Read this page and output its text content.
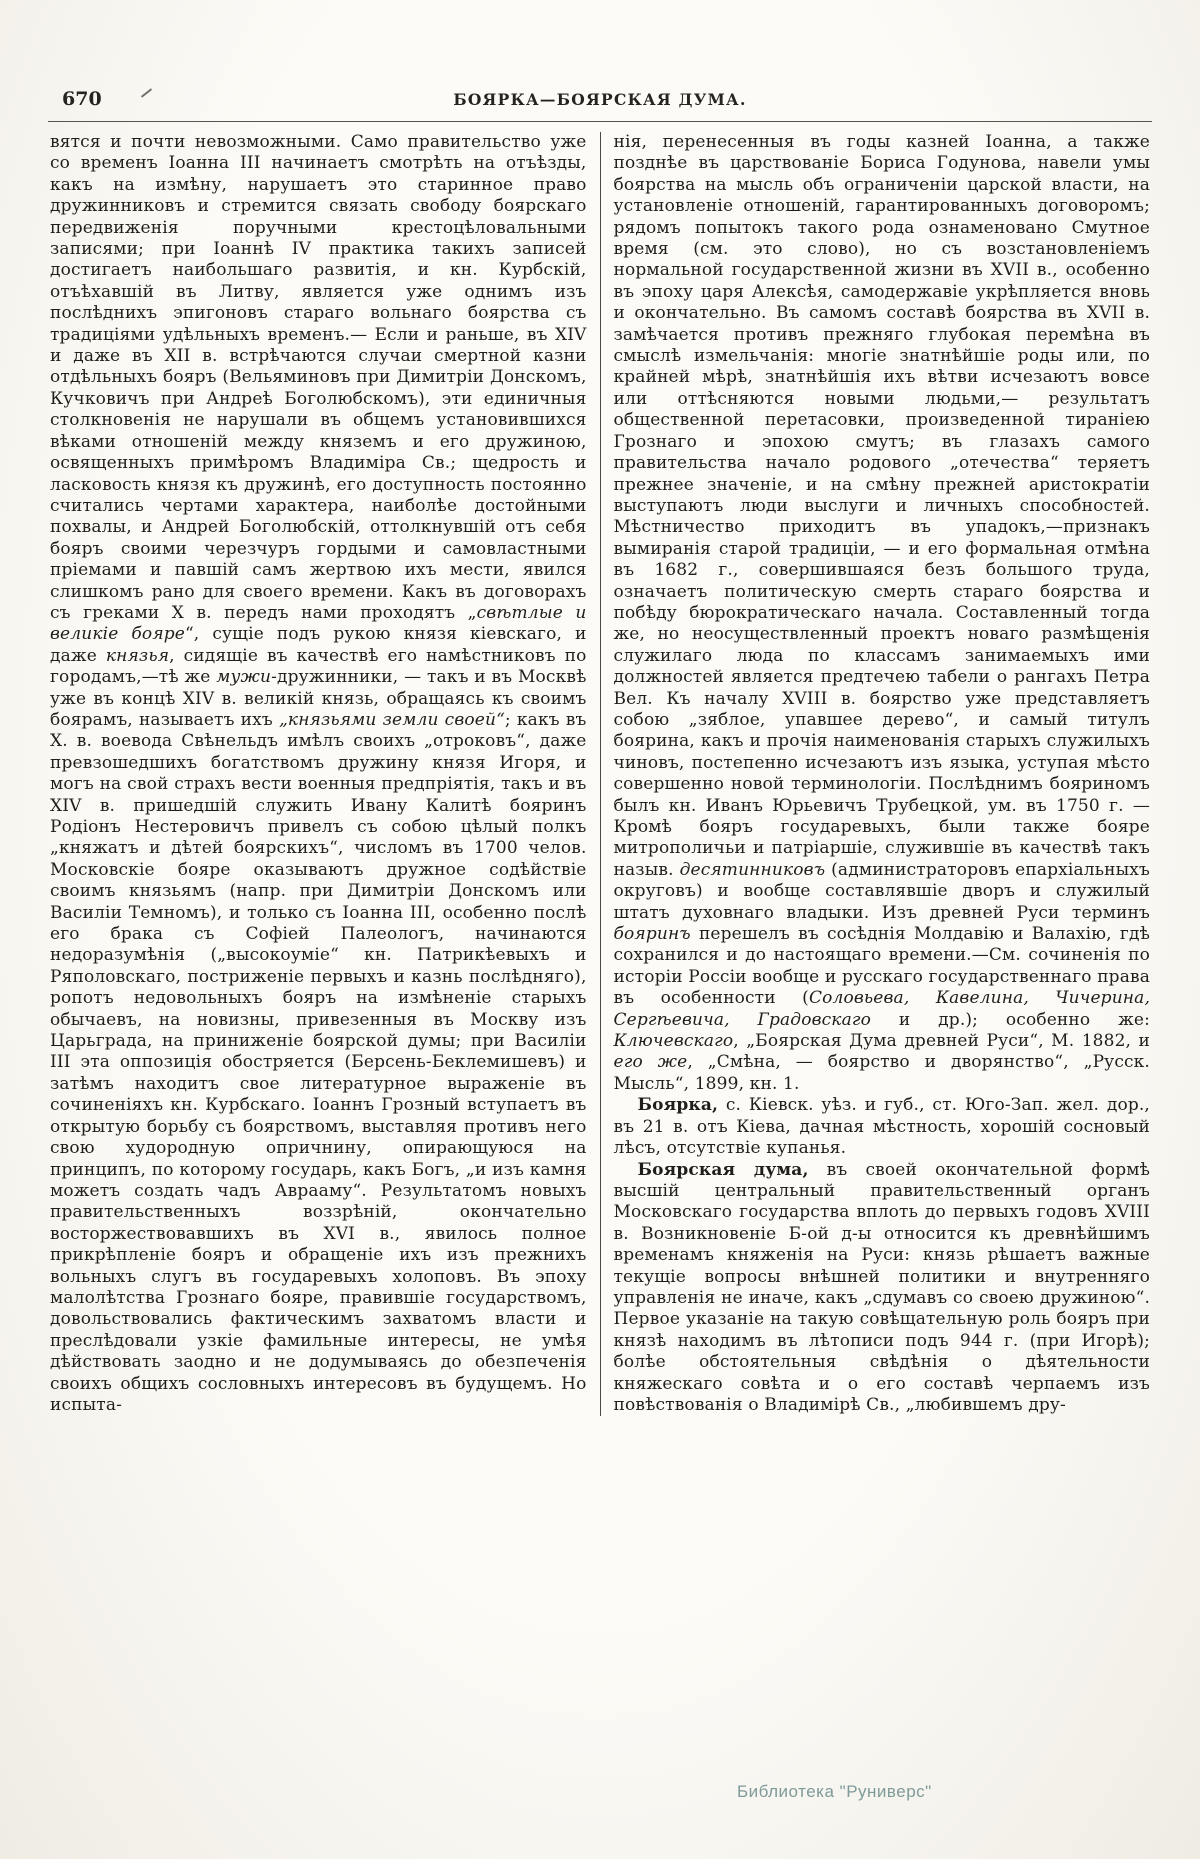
670	БОЯРКА—БОЯРСКАЯ ДУМА.

вятся и почти невозможными. Само правительство уже со временъ Іоанна III начинаетъ смотрѣть на отъѣзды, какъ на измѣну, нарушаетъ это старинное право дружинниковъ и стремится связать свободу боярскаго передвиженія поручными крестоцѣловальными записями; при Іоаннѣ IV практика такихъ записей достигаетъ наибольшаго развитія, и кн. Курбскій, отъѣхавшій въ Литву, является уже однимъ изъ послѣднихъ эпигоновъ стараго вольнаго боярства съ традиціями удѣльныхъ временъ.— Если и раньше, въ XIV и даже въ XII в. встрѣчаются случаи смертной казни отдѣльныхъ бояръ (Вельяминовъ при Димитріи Донскомъ, Кучковичъ при Андреѣ Боголюбскомъ), эти единичныя столкновенія не нарушали въ общемъ установившихся вѣками отношеній между княземъ и его дружиною, освященныхъ примѣромъ Владиміра Св.; щедрость и ласковость князя къ дружинѣ, его доступность постоянно считались чертами характера, наиболѣе достойными похвалы, и Андрей Боголюбскій, оттолкнувшій отъ себя бояръ своими черезчуръ гордыми и самовластными пріемами и павшій самъ жертвою ихъ мести, явился слишкомъ рано для своего времени. Какъ въ договорахъ съ греками X в. передъ нами проходятъ „свѣтлые и великіе бояре“, сущіе подъ рукою князя кіевскаго, и даже князья, сидящіе въ качествѣ его намѣстниковъ по городамъ,—тѣ же мужи-дружинники, — такъ и въ Москвѣ уже въ концѣ XIV в. великій князь, обращаясь къ своимъ боярамъ, называетъ ихъ „князьями земли своей“; какъ въ X. в. воевода Свѣнельдъ имѣлъ своихъ „отроковъ“, даже превзошедшихъ богатствомъ дружину князя Игоря, и могъ на свой страхъ вести военныя предпріятія, такъ и въ XIV в. пришедшій служить Ивану Калитѣ бояринъ Родіонъ Нестеровичъ привелъ съ собою цѣлый полкъ „княжатъ и дѣтей боярскихъ“, числомъ въ 1700 челов. Московскіе бояре оказываютъ дружное содѣйствіе своимъ князьямъ (напр. при Димитріи Донскомъ или Василіи Темномъ), и только съ Іоанна III, особенно послѣ его брака съ Софіей Палеологъ, начинаются недоразумѣнія („высокоуміе“ кн. Патрикѣевыхъ и Ряполовскаго, постриженіе первыхъ и казнь послѣдняго), ропотъ недовольныхъ бояръ на измѣненіе старыхъ обычаевъ, на новизны, привезенныя въ Москву изъ Царьграда, на приниженіе боярской думы; при Василіи III эта оппозиція обостряется (Берсень-Беклемишевъ) и затѣмъ находитъ свое литературное выраженіе въ сочиненіяхъ кн. Курбскаго. Іоаннъ Грозный вступаетъ въ открытую борьбу съ боярствомъ, выставляя противъ него свою худородную опричнину, опирающуюся на принципъ, по которому государь, какъ Богъ, „и изъ камня можетъ создать чадъ Аврааму“. Результатомъ новыхъ правительственныхъ воззрѣній, окончательно восторжествовавшихъ въ XVI в., явилось полное прикрѣпленіе бояръ и обращеніе ихъ изъ прежнихъ вольныхъ слугъ въ государевыхъ холоповъ. Въ эпоху малолѣтства Грознаго бояре, правившіе государствомъ, довольствовались фактическимъ захватомъ власти и преслѣдовали узкіе фамильные интересы, не умѣя дѣйствовать заодно и не додумываясь до обезпеченія своихъ общихъ сословныхъ интересовъ въ будущемъ. Но испыта-

нія, перенесенныя въ годы казней Іоанна, а также позднѣе въ царствованіе Бориса Годунова, навели умы боярства на мысль объ ограниченіи царской власти, на установленіе отношеній, гарантированныхъ договоромъ; рядомъ попытокъ такого рода ознаменовано Смутное время (см. это слово), но съ возстановленіемъ нормальной государственной жизни въ XVII в., особенно въ эпоху царя Алексѣя, самодержавіе укрѣпляется вновь и окончательно. Въ самомъ составѣ боярства въ XVII в. замѣчается противъ прежняго глубокая перемѣна въ смыслѣ измельчанія: многіе знатнѣйшіе роды или, по крайней мѣрѣ, знатнѣйшія ихъ вѣтви исчезаютъ вовсе или оттѣсняются новыми людьми,— результатъ общественной перетасовки, произведенной тираніею Грознаго и эпохою смутъ; въ глазахъ самого правительства начало родового „отечества“ теряетъ прежнее значеніе, и на смѣну прежней аристократіи выступаютъ люди выслуги и личныхъ способностей. Мѣстничество приходитъ въ упадокъ,—признакъ вымиранія старой традиціи, — и его формальная отмѣна въ 1682 г., совершившаяся безъ большого труда, означаетъ политическую смерть стараго боярства и побѣду бюрократическаго начала. Составленный тогда же, но неосуществленный проектъ новаго размѣщенія служилаго люда по классамъ занимаемыхъ ими должностей является предтечею табели о рангахъ Петра Вел. Къ началу XVIII в. боярство уже представляетъ собою „зяблое, упавшее дерево“, и самый титулъ боярина, какъ и прочія наименованія старыхъ служилыхъ чиновъ, постепенно исчезаютъ изъ языка, уступая мѣсто совершенно новой терминологіи. Послѣднимъ бояриномъ былъ кн. Иванъ Юрьевичъ Трубецкой, ум. въ 1750 г. — Кромѣ бояръ государевыхъ, были также бояре митрополичьи и патріаршіе, служившіе въ качествѣ такъ назыв. десятинниковъ (администраторовъ епархіальныхъ округовъ) и вообще составлявшіе дворъ и служилый штатъ духовнаго владыки. Изъ древней Руси терминъ бояринъ перешелъ въ сосѣднія Молдавію и Валахію, гдѣ сохранился и до настоящаго времени.—См. сочиненія по исторіи Россіи вообще и русскаго государственнаго права въ особенности (Соловьева, Кавелина, Чичерина, Сергѣевича, Градовскаго и др.); особенно же: Ключевскаго, „Боярская Дума древней Руси“, М. 1882, и его же, „Смѣна, — боярство и дворянство“, „Русск. Мысль“, 1899, кн. 1.

Боярка, с. Кіевск. уѣз. и губ., ст. Юго-Зап. жел. дор., въ 21 в. отъ Кіева, дачная мѣстность, хорошій сосновый лѣсъ, отсутствіе купанья.

Боярская дума, въ своей окончательной формѣ высшій центральный правительственный органъ Московскаго государства вплоть до первыхъ годовъ XVIII в. Возникновеніе Б-ой д-ы относится къ древнѣйшимъ временамъ княженія на Руси: князь рѣшаетъ важные текущіе вопросы внѣшней политики и внутренняго управленія не иначе, какъ „сдумавъ со своею дружиною“. Первое указаніе на такую совѣщательную роль бояръ при князѣ находимъ въ лѣтописи подъ 944 г. (при Игорѣ); болѣе обстоятельныя свѣдѣнія о дѣятельности княжескаго совѣта и о его составѣ черпаемъ изъ повѣствованія о Владимірѣ Св., „любившемъ дру-

Библиотека "Руниверс"
